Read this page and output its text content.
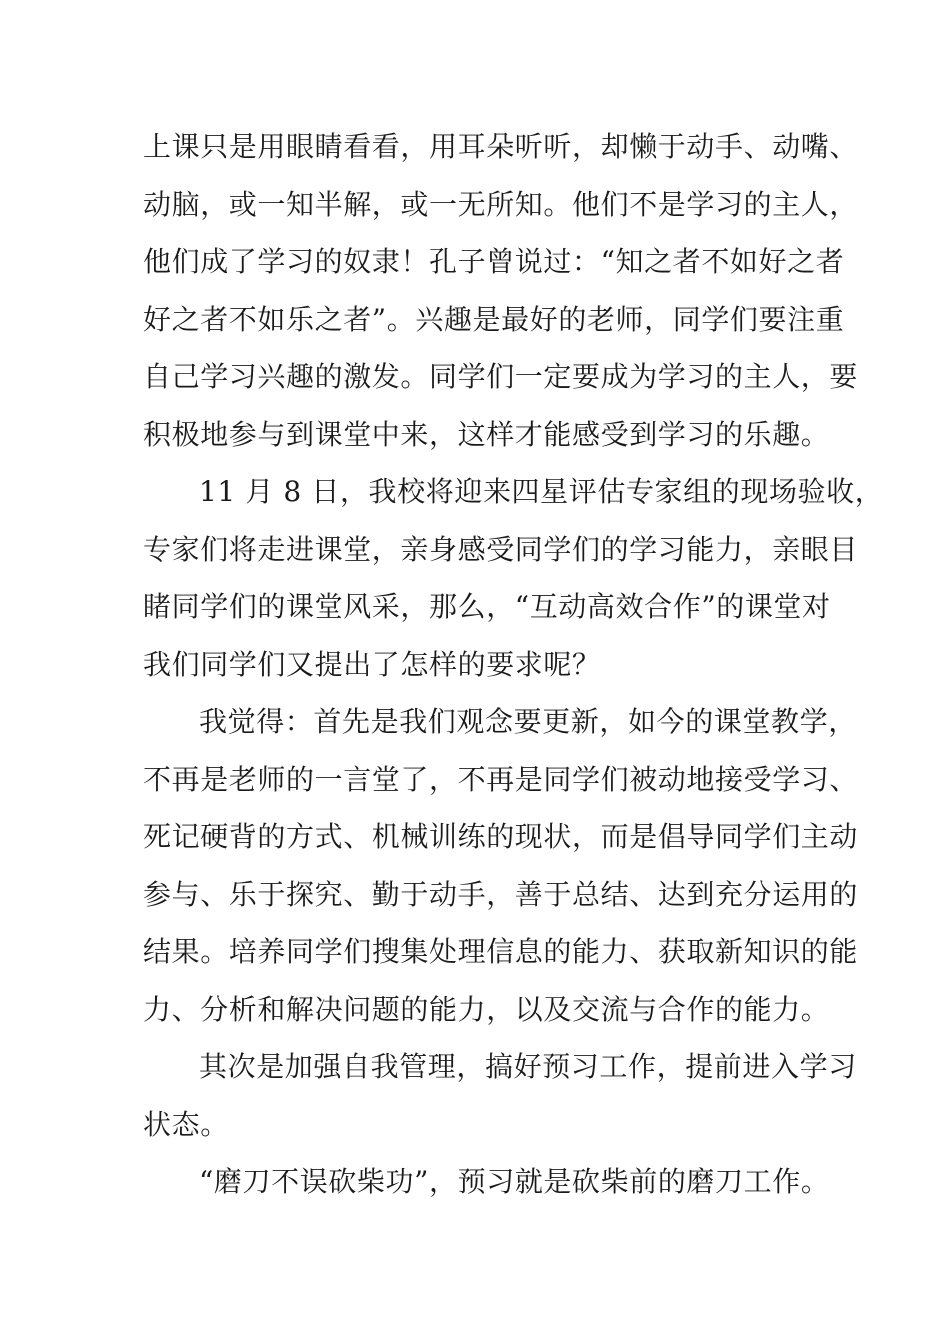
上课只是用眼睛看看，用耳朵听听，却懒于动手、动嘴、
动脑，或一知半解，或一无所知。他们不是学习的主人，
他们成了学习的奴隶！孔子曾说过：“知之者不如好之者
好之者不如乐之者”。兴趣是最好的老师，同学们要注重
自己学习兴趣的激发。同学们一定要成为学习的主人，要
积极地参与到课堂中来，这样才能感受到学习的乐趣。
11 月 8 日，我校将迎来四星评估专家组的现场验收，
专家们将走进课堂，亲身感受同学们的学习能力，亲眼目
睹同学们的课堂风采，那么，“互动高效合作”的课堂对
我们同学们又提出了怎样的要求呢？
我觉得：首先是我们观念要更新，如今的课堂教学，
不再是老师的一言堂了，不再是同学们被动地接受学习、
死记硬背的方式、机械训练的现状，而是倡导同学们主动
参与、乐于探究、勤于动手，善于总结、达到充分运用的
结果。培养同学们搜集处理信息的能力、获取新知识的能
力、分析和解决问题的能力，以及交流与合作的能力。
其次是加强自我管理，搞好预习工作，提前进入学习
状态。
“磨刀不误砍柴功”，预习就是砍柴前的磨刀工作。
